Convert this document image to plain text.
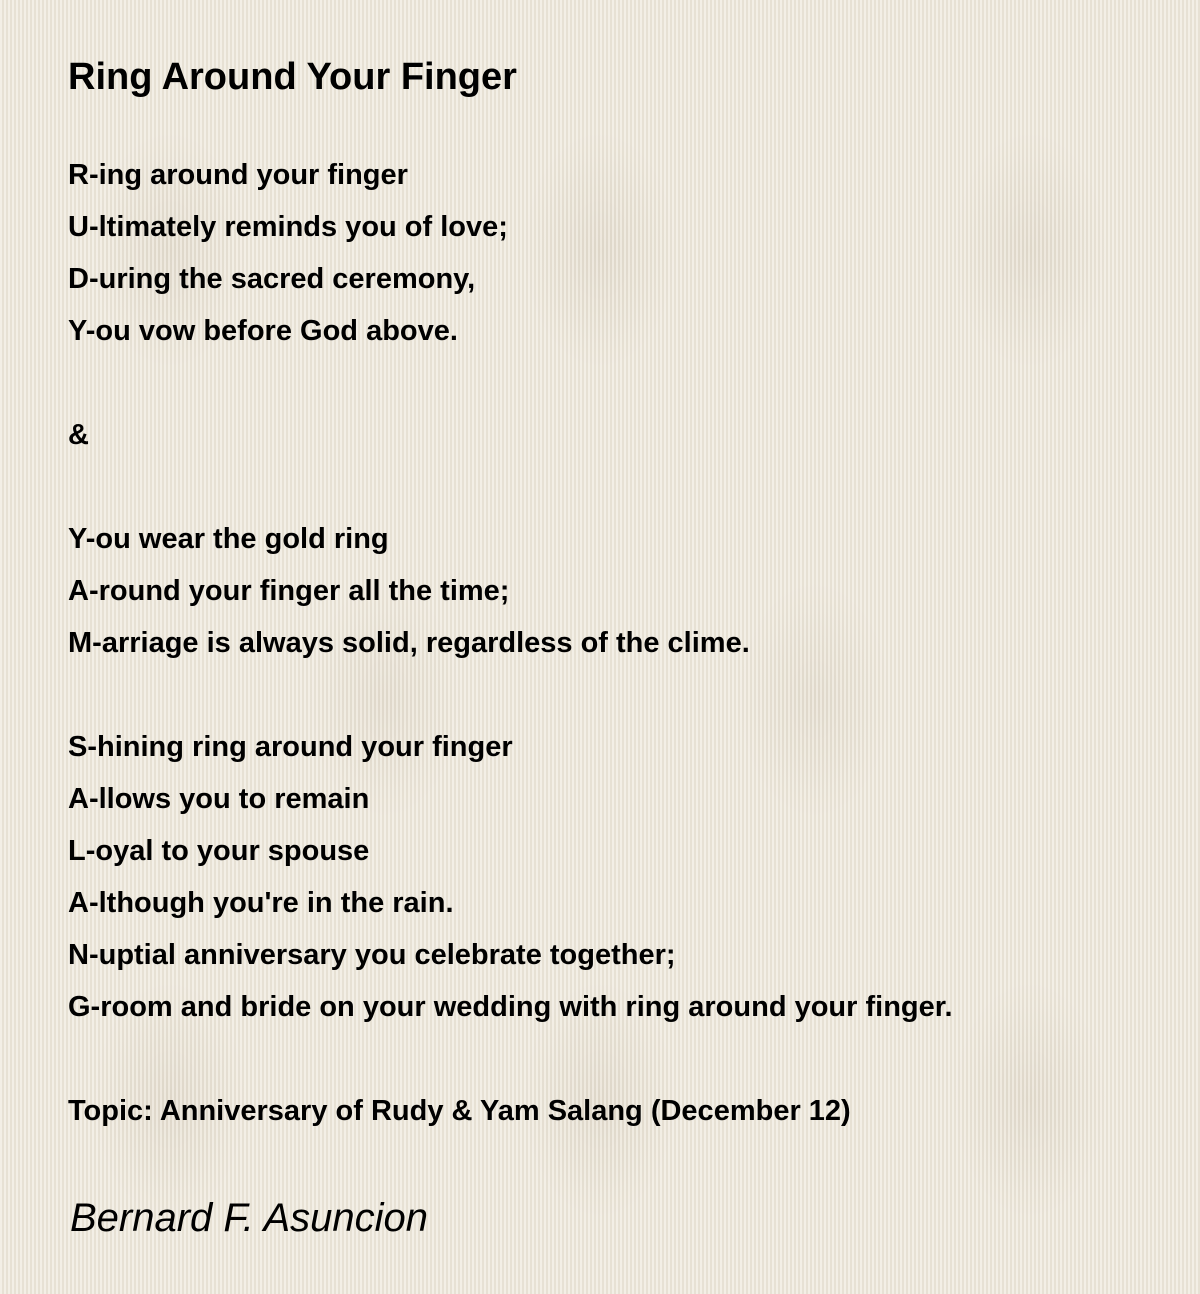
Ring Around Your Finger
R-ing around your finger
U-ltimately reminds you of love;
D-uring the sacred ceremony,
Y-ou vow before God above.
&
Y-ou wear the gold ring
A-round your finger all the time;
M-arriage is always solid, regardless of the clime.
S-hining ring around your finger
A-llows you to remain
L-oyal to your spouse
A-lthough you're in the rain.
N-uptial anniversary you celebrate together;
G-room and bride on your wedding with ring around your finger.
Topic: Anniversary of Rudy & Yam Salang (December 12)

Bernard F. Asuncion
